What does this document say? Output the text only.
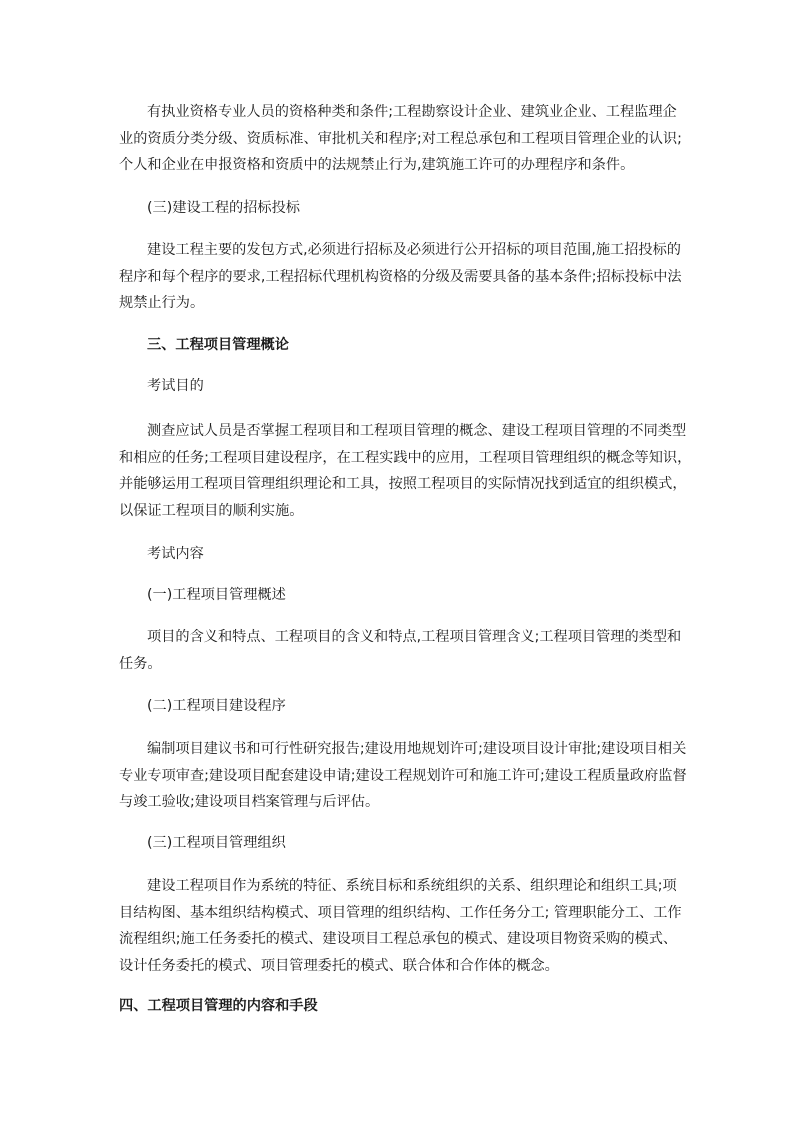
有执业资格专业人员的资格种类和条件;工程勘察设计企业、建筑业企业、工程监理企
业的资质分类分级、资质标准、审批机关和程序;对工程总承包和工程项目管理企业的认识;
个人和企业在申报资格和资质中的法规禁止行为,建筑施工许可的办理程序和条件。

(三)建设工程的招标投标

建设工程主要的发包方式,必须进行招标及必须进行公开招标的项目范围,施工招投标的
程序和每个程序的要求,工程招标代理机构资格的分级及需要具备的基本条件;招标投标中法
规禁止行为。

三、工程项目管理概论

考试目的

测查应试人员是否掌握工程项目和工程项目管理的概念、建设工程项目管理的不同类型
和相应的任务;工程项目建设程序，在工程实践中的应用，工程项目管理组织的概念等知识，
并能够运用工程项目管理组织理论和工具，按照工程项目的实际情况找到适宜的组织模式，
以保证工程项目的顺利实施。

考试内容

(一)工程项目管理概述

项目的含义和特点、工程项目的含义和特点,工程项目管理含义;工程项目管理的类型和
任务。

(二)工程项目建设程序

编制项目建议书和可行性研究报告;建设用地规划许可;建设项目设计审批;建设项目相关
专业专项审查;建设项目配套建设申请;建设工程规划许可和施工许可;建设工程质量政府监督
与竣工验收;建设项目档案管理与后评估。

(三)工程项目管理组织

建设工程项目作为系统的特征、系统目标和系统组织的关系、组织理论和组织工具;项
目结构图、基本组织结构模式、项目管理的组织结构、工作任务分工; 管理职能分工、工作
流程组织;施工任务委托的模式、建设项目工程总承包的模式、建设项目物资采购的模式、
设计任务委托的模式、项目管理委托的模式、联合体和合作体的概念。

四、工程项目管理的内容和手段
